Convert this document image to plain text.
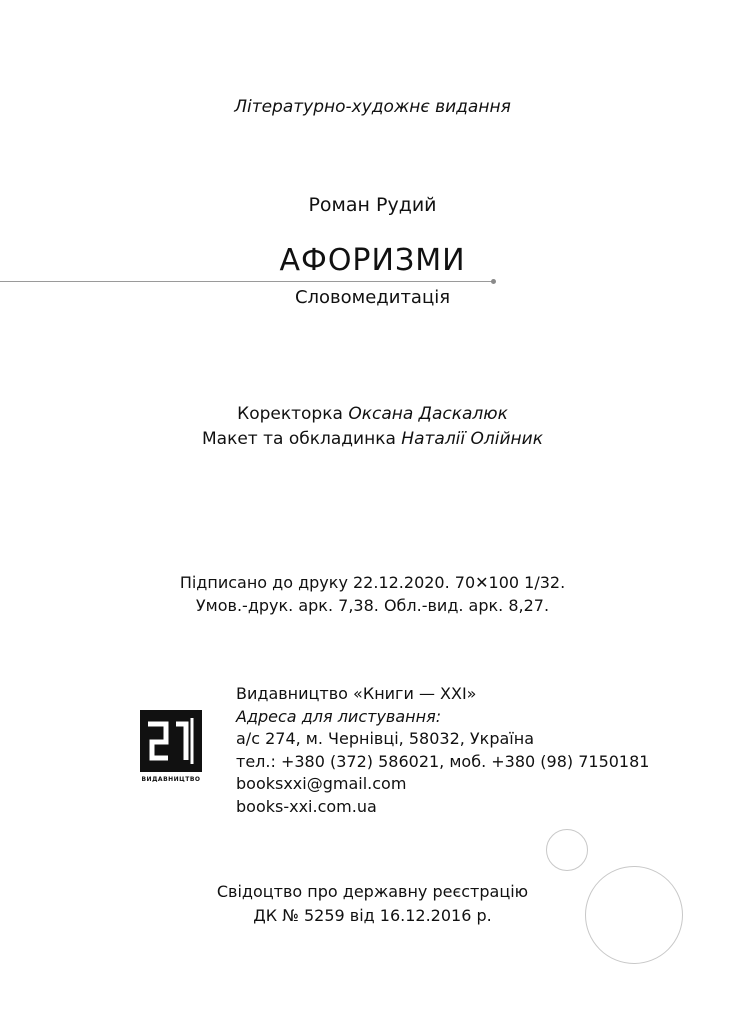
Літературно-художнє видання
Роман Рудий
АФОРИЗМИ
Словомедитація
Коректорка Оксана Даскалюк
Макет та обкладинка Наталії Олійник
Підписано до друку 22.12.2020. 70✕100 1/32.
Умов.-друк. арк. 7,38. Обл.-вид. арк. 8,27.
ВИДАВНИЦТВО
Видавництво «Книги — XXI»
Адреса для листування:
а/с 274, м. Чернівці, 58032, Україна
тел.: +380 (372) 586021, моб. +380 (98) 7150181
booksxxi@gmail.com
books-xxi.com.ua
Свідоцтво про державну реєстрацію
ДК № 5259 від 16.12.2016 р.
